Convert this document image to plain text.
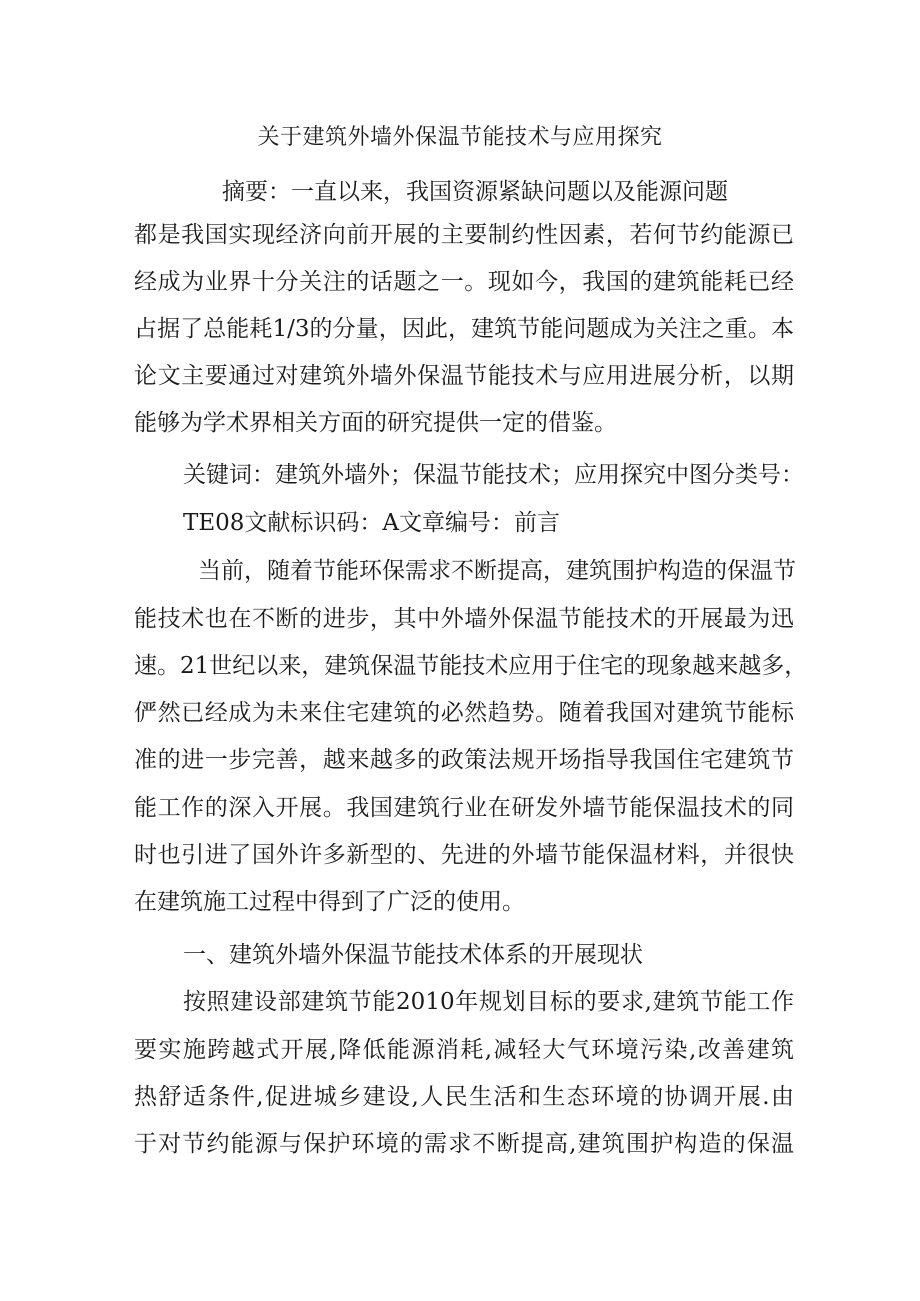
关于建筑外墙外保温节能技术与应用探究
摘要：一直以来，我国资源紧缺问题以及能源问题
都是我国实现经济向前开展的主要制约性因素，若何节约能源已
经成为业界十分关注的话题之一。现如今，我国的建筑能耗已经
占据了总能耗1/3的分量，因此，建筑节能问题成为关注之重。本
论文主要通过对建筑外墙外保温节能技术与应用进展分析，以期
能够为学术界相关方面的研究提供一定的借鉴。
关键词：建筑外墙外；保温节能技术；应用探究中图分类号：
TE08文献标识码：A文章编号：前言
当前，随着节能环保需求不断提高，建筑围护构造的保温节
能技术也在不断的进步，其中外墙外保温节能技术的开展最为迅
速。21世纪以来，建筑保温节能技术应用于住宅的现象越来越多，
俨然已经成为未来住宅建筑的必然趋势。随着我国对建筑节能标
准的进一步完善，越来越多的政策法规开场指导我国住宅建筑节
能工作的深入开展。我国建筑行业在研发外墙节能保温技术的同
时也引进了国外许多新型的、先进的外墙节能保温材料，并很快
在建筑施工过程中得到了广泛的使用。
一、建筑外墙外保温节能技术体系的开展现状
按照建设部建筑节能2010年规划目标的要求,建筑节能工作
要实施跨越式开展,降低能源消耗,减轻大气环境污染,改善建筑
热舒适条件,促进城乡建设,人民生活和生态环境的协调开展.由
于对节约能源与保护环境的需求不断提高,建筑围护构造的保温
